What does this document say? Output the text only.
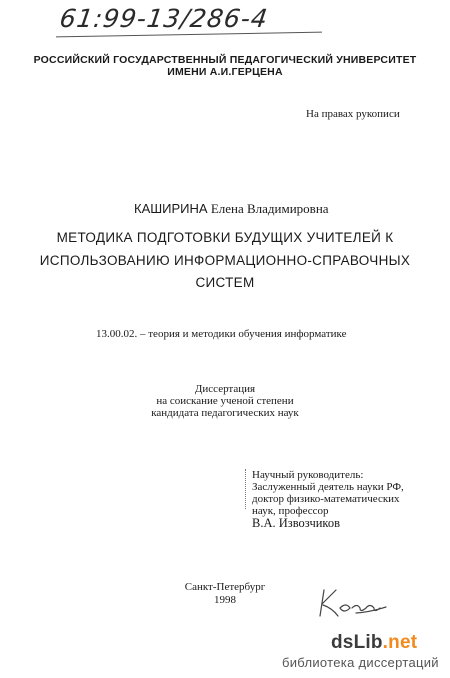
61:99-13/286-4
РОССИЙСКИЙ ГОСУДАРСТВЕННЫЙ ПЕДАГОГИЧЕСКИЙ УНИВЕРСИТЕТ
ИМЕНИ А.И.ГЕРЦЕНА
На правах рукописи
КАШИРИНА Елена Владимировна
МЕТОДИКА ПОДГОТОВКИ БУДУЩИХ УЧИТЕЛЕЙ К
ИСПОЛЬЗОВАНИЮ ИНФОРМАЦИОННО-СПРАВОЧНЫХ
СИСТЕМ
13.00.02. – теория и методики обучения информатике
Диссертация
на соискание ученой степени
кандидата педагогических наук
Научный руководитель:
Заслуженный деятель науки РФ,
доктор физико-математических
наук, профессор
В.А. Извозчиков
Санкт-Петербург
1998
dsLib.net
библиотека диссертаций
